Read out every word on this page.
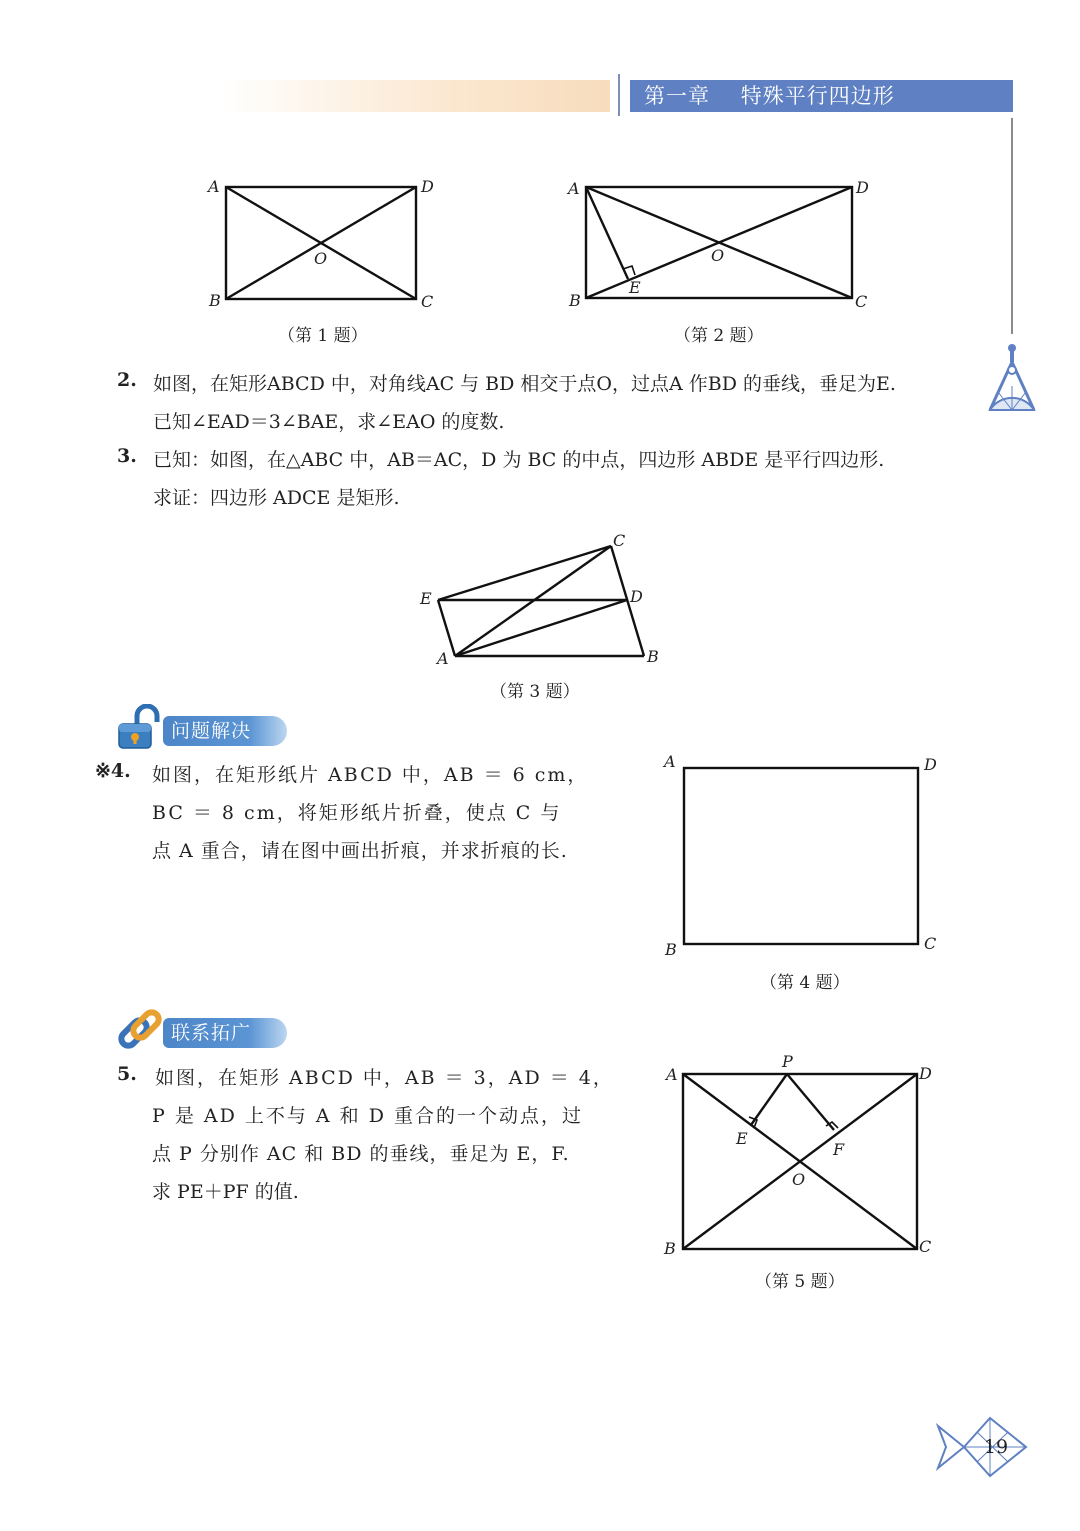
第一章    特殊平行四边形
A	D
B	C
O
（第 1 题）
A	D
B	C
O
E
（第 2 题）
2. 如图，在矩形ABCD 中，对角线AC 与 BD 相交于点O，过点A 作BD 的垂线，垂足为E.
已知∠EAD＝3∠BAE，求∠EAO 的度数.
3. 已知：如图，在△ABC 中，AB＝AC，D 为 BC 的中点，四边形 ABDE 是平行四边形.
求证：四边形 ADCE 是矩形.
C
E	D
A	B
（第 3 题）
问题解决
※4. 如图，在矩形纸片 ABCD 中，AB ＝ 6 cm，
BC ＝ 8 cm，将矩形纸片折叠，使点 C 与
点 A 重合，请在图中画出折痕，并求折痕的长.
A	D
B	C
（第 4 题）
联系拓广
5. 如图，在矩形 ABCD 中，AB ＝ 3，AD ＝ 4，
P 是 AD 上不与 A 和 D 重合的一个动点，过
点 P 分别作 AC 和 BD 的垂线，垂足为 E，F.
求 PE＋PF 的值.
P
A	D
E
F
O
B	C
（第 5 题）
19
